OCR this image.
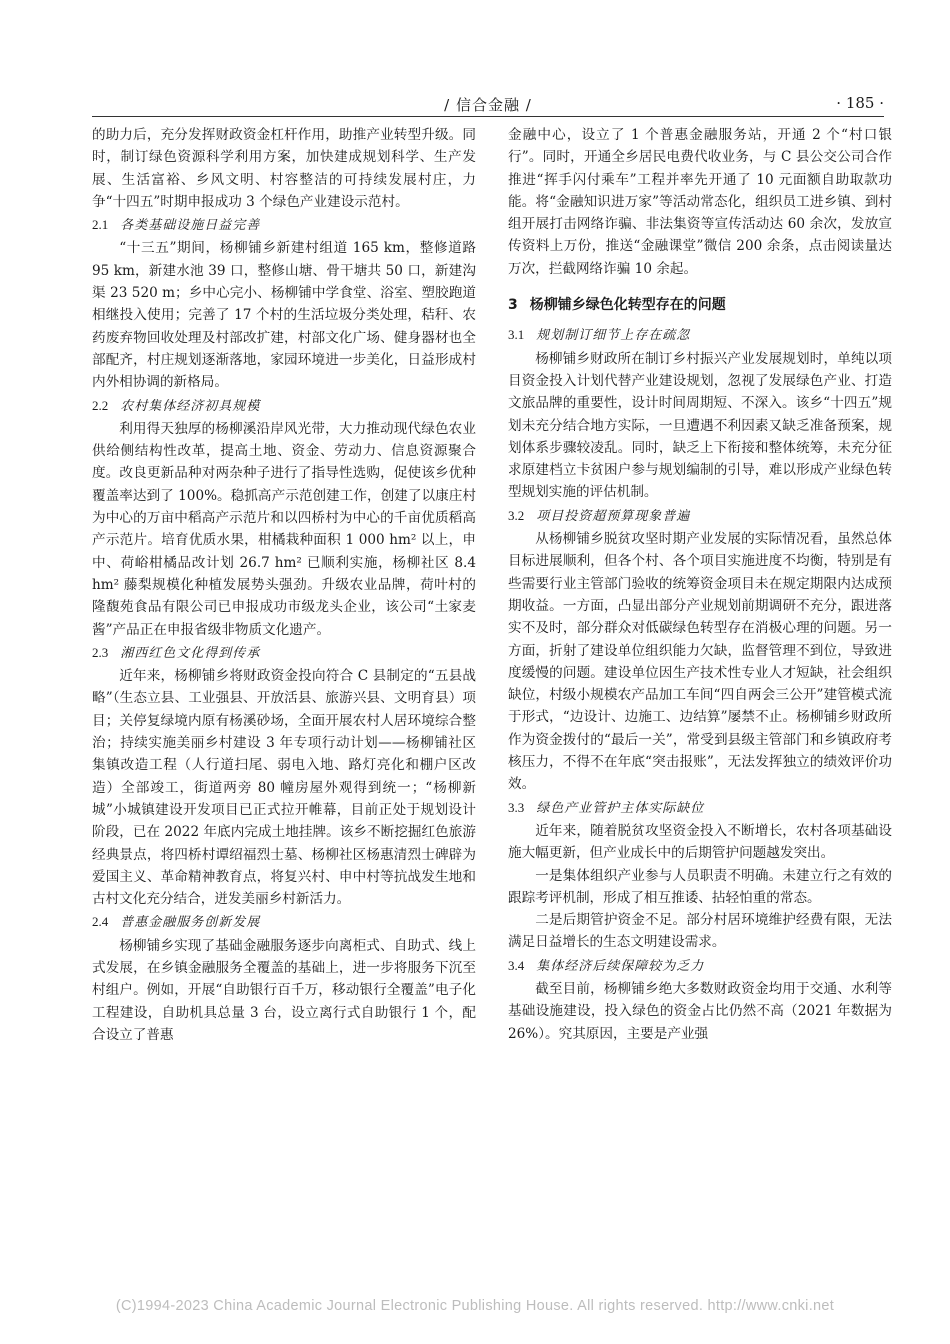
/ 信合金融 /	· 185 ·

的助力后，充分发挥财政资金杠杆作用，助推产业转型升级。同时，制订绿色资源科学利用方案，加快建成规划科学、生产发展、生活富裕、乡风文明、村容整洁的可持续发展村庄，力争“十四五”时期申报成功 3 个绿色产业建设示范村。

2.1 各类基础设施日益完善

“十三五”期间，杨柳铺乡新建村组道 165 km，整修道路 95 km，新建水池 39 口，整修山塘、骨干塘共 50 口，新建沟渠 23 520 m；乡中心完小、杨柳铺中学食堂、浴室、塑胶跑道相继投入使用；完善了 17 个村的生活垃圾分类处理，秸秆、农药废弃物回收处理及村部改扩建，村部文化广场、健身器材也全部配齐，村庄规划逐渐落地，家园环境进一步美化，日益形成村内外相协调的新格局。

2.2 农村集体经济初具规模

利用得天独厚的杨柳溪沿岸风光带，大力推动现代绿色农业供给侧结构性改革，提高土地、资金、劳动力、信息资源聚合度。改良更新品种对两杂种子进行了指导性选购，促使该乡优种覆盖率达到了 100%。稳抓高产示范创建工作，创建了以康庄村为中心的万亩中稻高产示范片和以四桥村为中心的千亩优质稻高产示范片。培育优质水果，柑橘栽种面积 1 000 hm² 以上，申中、荷峪柑橘品改计划 26.7 hm² 已顺利实施，杨柳社区 8.4 hm² 藤梨规模化种植发展势头强劲。升级农业品牌，荷叶村的隆馥苑食品有限公司已申报成功市级龙头企业，该公司“土家麦酱”产品正在申报省级非物质文化遗产。

2.3 湘西红色文化得到传承

近年来，杨柳铺乡将财政资金投向符合 C 县制定的“五县战略”（生态立县、工业强县、开放活县、旅游兴县、文明育县）项目；关停复绿境内原有杨溪砂场，全面开展农村人居环境综合整治；持续实施美丽乡村建设 3 年专项行动计划——杨柳铺社区集镇改造工程（人行道扫尾、弱电入地、路灯亮化和棚户区改造）全部竣工，街道两旁 80 幢房屋外观得到统一；“杨柳新城”小城镇建设开发项目已正式拉开帷幕，目前正处于规划设计阶段，已在 2022 年底内完成土地挂牌。该乡不断挖掘红色旅游经典景点，将四桥村谭绍福烈士墓、杨柳社区杨惠清烈士碑辟为爱国主义、革命精神教育点，将复兴村、申中村等抗战发生地和古村文化充分结合，迸发美丽乡村新活力。

2.4 普惠金融服务创新发展

杨柳铺乡实现了基础金融服务逐步向离柜式、自助式、线上式发展，在乡镇金融服务全覆盖的基础上，进一步将服务下沉至村组户。例如，开展“自助银行百千万，移动银行全覆盖”电子化工程建设，自助机具总量 3 台，设立离行式自助银行 1 个，配合设立了普惠

金融中心，设立了 1 个普惠金融服务站，开通 2 个“村口银行”。同时，开通全乡居民电费代收业务，与 C 县公交公司合作推进“挥手闪付乘车”工程并率先开通了 10 元面额自助取款功能。将“金融知识进万家”等活动常态化，组织员工进乡镇、到村组开展打击网络诈骗、非法集资等宣传活动达 60 余次，发放宣传资料上万份，推送“金融课堂”微信 200 余条，点击阅读量达万次，拦截网络诈骗 10 余起。

3 杨柳铺乡绿色化转型存在的问题
3.1 规划制订细节上存在疏忽

杨柳铺乡财政所在制订乡村振兴产业发展规划时，单纯以项目资金投入计划代替产业建设规划，忽视了发展绿色产业、打造文旅品牌的重要性，设计时间周期短、不深入。该乡“十四五”规划未充分结合地方实际，一旦遭遇不利因素又缺乏准备预案，规划体系步骤较凌乱。同时，缺乏上下衔接和整体统筹，未充分征求原建档立卡贫困户参与规划编制的引导，难以形成产业绿色转型规划实施的评估机制。

3.2 项目投资超预算现象普遍

从杨柳铺乡脱贫攻坚时期产业发展的实际情况看，虽然总体目标进展顺利，但各个村、各个项目实施进度不均衡，特别是有些需要行业主管部门验收的统筹资金项目未在规定期限内达成预期收益。一方面，凸显出部分产业规划前期调研不充分，跟进落实不及时，部分群众对低碳绿色转型存在消极心理的问题。另一方面，折射了建设单位组织能力欠缺，监督管理不到位，导致进度缓慢的问题。建设单位因生产技术性专业人才短缺，社会组织缺位，村级小规模农产品加工车间“四自两会三公开”建管模式流于形式，“边设计、边施工、边结算”屡禁不止。杨柳铺乡财政所作为资金拨付的“最后一关”，常受到县级主管部门和乡镇政府考核压力，不得不在年底“突击报账”，无法发挥独立的绩效评价功效。

3.3 绿色产业管护主体实际缺位

近年来，随着脱贫攻坚资金投入不断增长，农村各项基础设施大幅更新，但产业成长中的后期管护问题越发突出。

一是集体组织产业参与人员职责不明确。未建立行之有效的跟踪考评机制，形成了相互推诿、拈轻怕重的常态。

二是后期管护资金不足。部分村居环境维护经费有限，无法满足日益增长的生态文明建设需求。

3.4 集体经济后续保障较为乏力

截至目前，杨柳铺乡绝大多数财政资金均用于交通、水利等基础设施建设，投入绿色的资金占比仍然不高（2021 年数据为 26%）。究其原因，主要是产业强

(C)1994-2023 China Academic Journal Electronic Publishing House. All rights reserved. http://www.cnki.net
